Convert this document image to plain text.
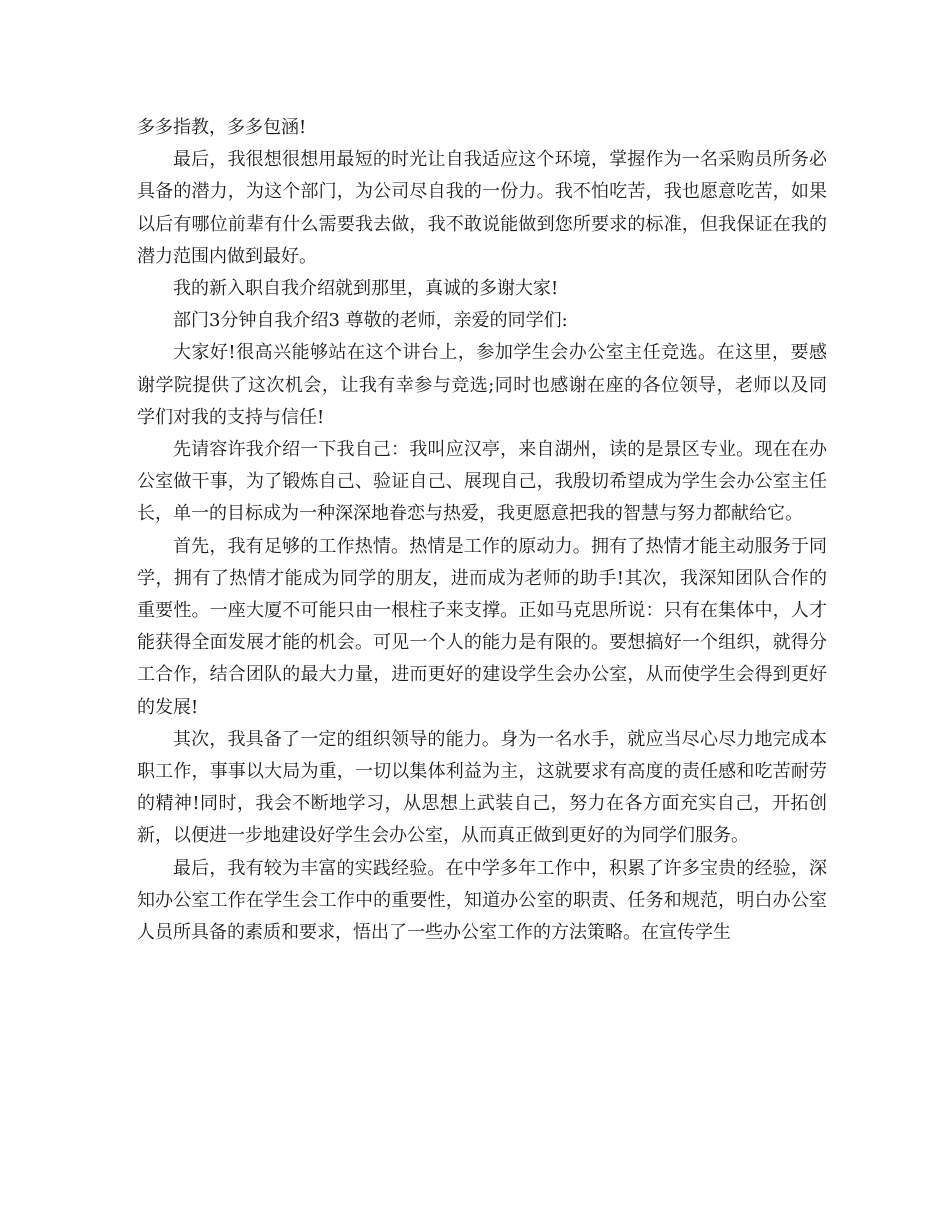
多多指教，多多包涵!

最后，我很想很想用最短的时光让自我适应这个环境，掌握作为一名采购员所务必具备的潜力，为这个部门，为公司尽自我的一份力。我不怕吃苦，我也愿意吃苦，如果以后有哪位前辈有什么需要我去做，我不敢说能做到您所要求的标准，但我保证在我的潜力范围内做到最好。

我的新入职自我介绍就到那里，真诚的多谢大家!

部门3分钟自我介绍3 尊敬的老师，亲爱的同学们:

大家好!很高兴能够站在这个讲台上，参加学生会办公室主任竞选。在这里，要感谢学院提供了这次机会，让我有幸参与竞选;同时也感谢在座的各位领导，老师以及同学们对我的支持与信任!

先请容许我介绍一下我自己：我叫应汉亭，来自湖州，读的是景区专业。现在在办公室做干事，为了锻炼自己、验证自己、展现自己，我殷切希望成为学生会办公室主任长，单一的目标成为一种深深地眷恋与热爱，我更愿意把我的智慧与努力都献给它。

首先，我有足够的工作热情。热情是工作的原动力。拥有了热情才能主动服务于同学，拥有了热情才能成为同学的朋友，进而成为老师的助手!其次，我深知团队合作的重要性。一座大厦不可能只由一根柱子来支撑。正如马克思所说：只有在集体中，人才能获得全面发展才能的机会。可见一个人的能力是有限的。要想搞好一个组织，就得分工合作，结合团队的最大力量，进而更好的建设学生会办公室，从而使学生会得到更好的发展!

其次，我具备了一定的组织领导的能力。身为一名水手，就应当尽心尽力地完成本职工作，事事以大局为重，一切以集体利益为主，这就要求有高度的责任感和吃苦耐劳的精神!同时，我会不断地学习，从思想上武装自己，努力在各方面充实自己，开拓创新，以便进一步地建设好学生会办公室，从而真正做到更好的为同学们服务。

最后，我有较为丰富的实践经验。在中学多年工作中，积累了许多宝贵的经验，深知办公室工作在学生会工作中的重要性，知道办公室的职责、任务和规范，明白办公室人员所具备的素质和要求，悟出了一些办公室工作的方法策略。在宣传学生
